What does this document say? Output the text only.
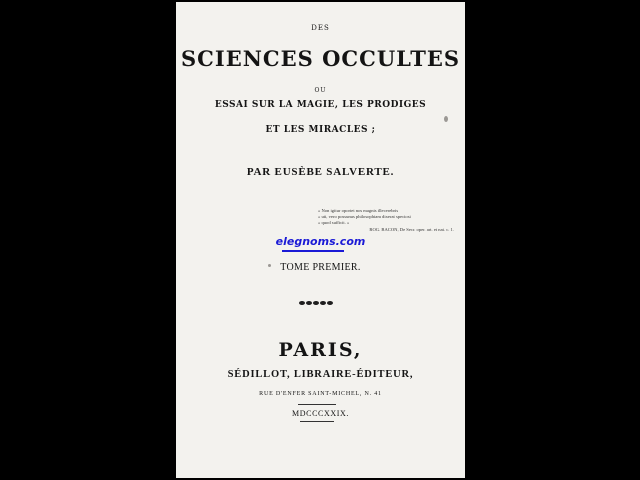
DES
SCIENCES OCCULTES
OU
ESSAI SUR LA MAGIE, LES PRODIGES
ET LES MIRACLES ;
PAR EUSÈBE SALVERTE.
« Non igitur oportet nos magnis illecerebris
« uti, vero possunus philosophiam dixerat speciosi
« quod sufficit. »
ROG. BACON, De Secr. oper. art. et nat. c. 1.
elegnoms.com
TOME PREMIER.
PARIS,
SÉDILLOT, LIBRAIRE-ÉDITEUR,
RUE D'ENFER SAINT-MICHEL, N. 41
MDCCCXXIX.
